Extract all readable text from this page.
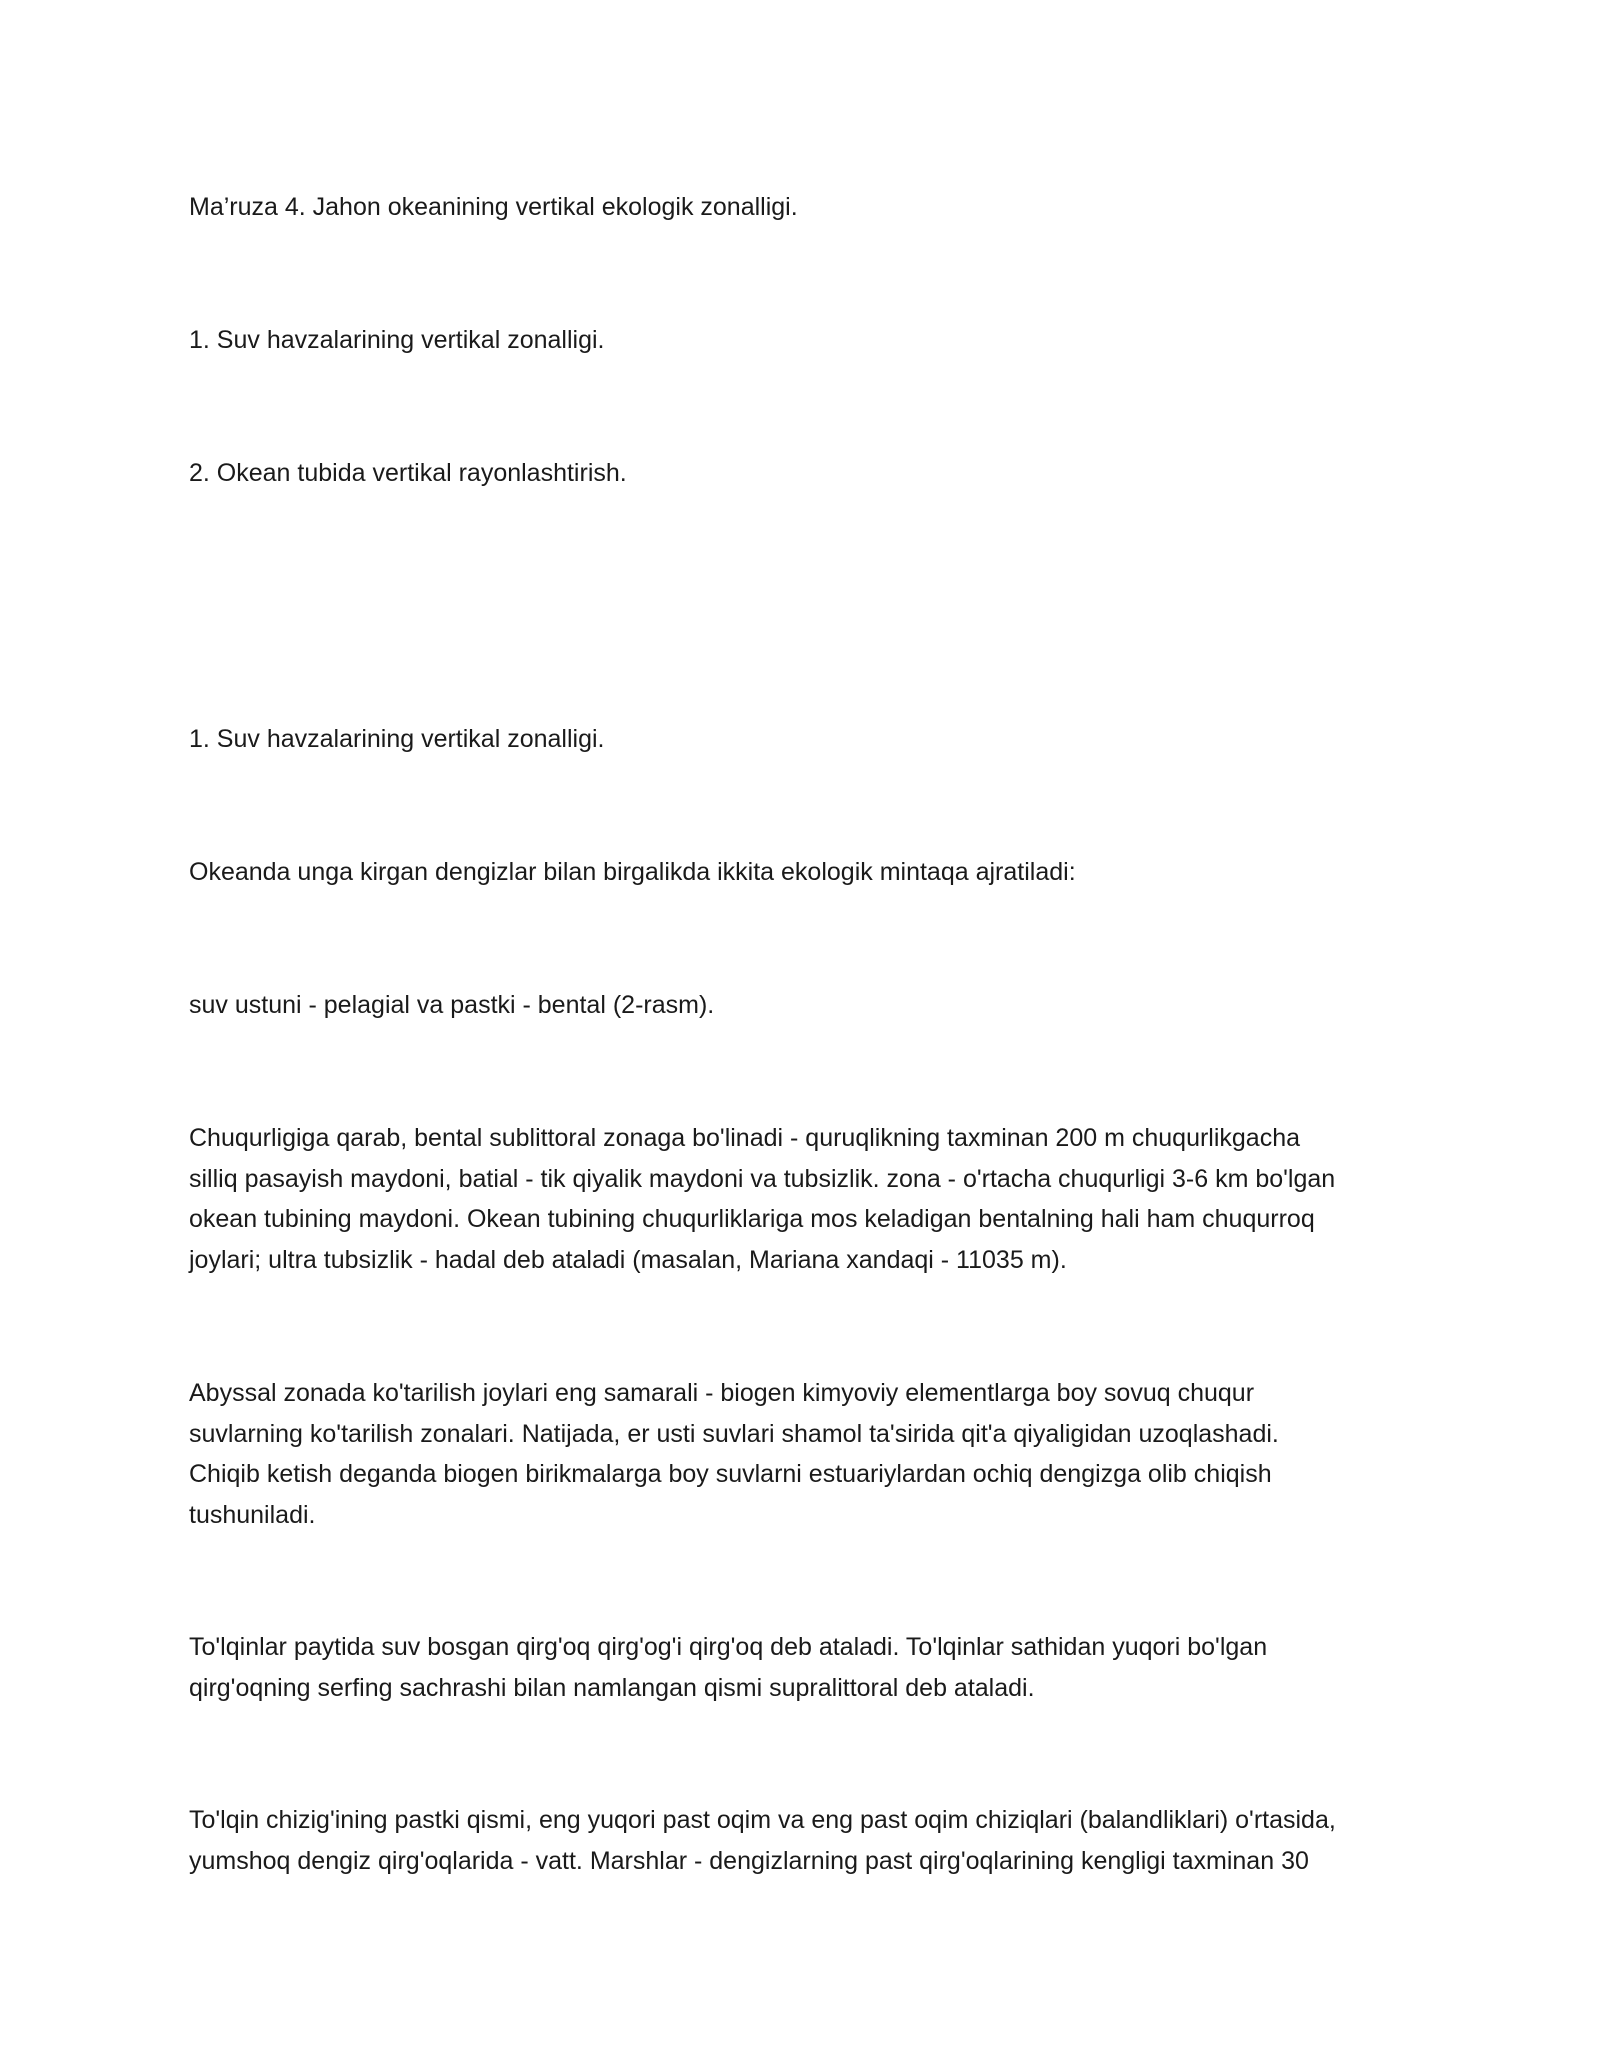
Ma’ruza 4. Jahon okeanining vertikal ekologik zonalligi.

1. Suv havzalarining vertikal zonalligi.

2. Okean tubida vertikal rayonlashtirish.

1. Suv havzalarining vertikal zonalligi.

Okeanda unga kirgan dengizlar bilan birgalikda ikkita ekologik mintaqa ajratiladi:

suv ustuni - pelagial va pastki - bental (2-rasm).

Chuqurligiga qarab, bental sublittoral zonaga bo'linadi - quruqlikning taxminan 200 m chuqurlikgacha
silliq pasayish maydoni, batial - tik qiyalik maydoni va tubsizlik. zona - o'rtacha chuqurligi 3-6 km bo'lgan
okean tubining maydoni. Okean tubining chuqurliklariga mos keladigan bentalning hali ham chuqurroq
joylari; ultra tubsizlik - hadal deb ataladi (masalan, Mariana xandaqi - 11035 m).

Abyssal zonada ko'tarilish joylari eng samarali - biogen kimyoviy elementlarga boy sovuq chuqur
suvlarning ko'tarilish zonalari. Natijada, er usti suvlari shamol ta'sirida qit'a qiyaligidan uzoqlashadi.
Chiqib ketish deganda biogen birikmalarga boy suvlarni estuariylardan ochiq dengizga olib chiqish
tushuniladi.

To'lqinlar paytida suv bosgan qirg'oq qirg'og'i qirg'oq deb ataladi. To'lqinlar sathidan yuqori bo'lgan
qirg'oqning serfing sachrashi bilan namlangan qismi supralittoral deb ataladi.

To'lqin chizig'ining pastki qismi, eng yuqori past oqim va eng past oqim chiziqlari (balandliklari) o'rtasida,
yumshoq dengiz qirg'oqlarida - vatt. Marshlar - dengizlarning past qirg'oqlarining kengligi taxminan 30
